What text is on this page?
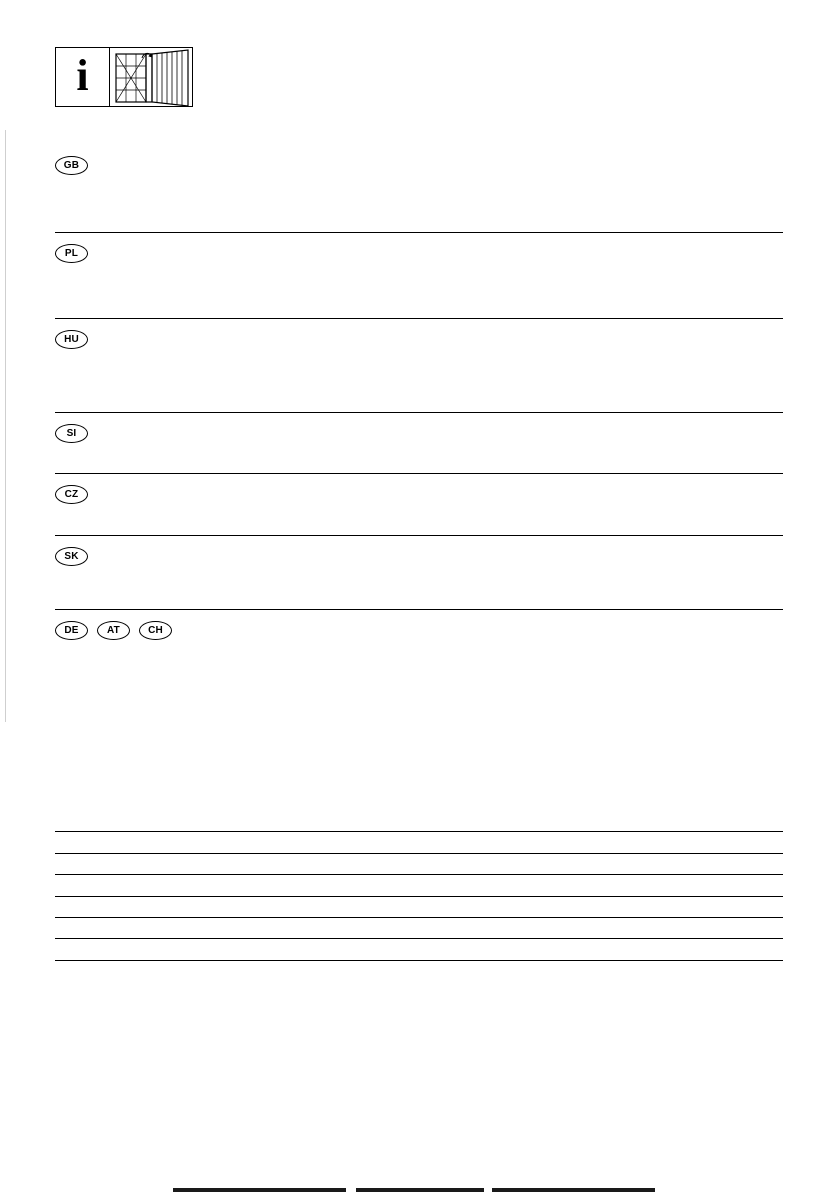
i
GB
PL
HU
SI
CZ
SK
DE	AT	CH
